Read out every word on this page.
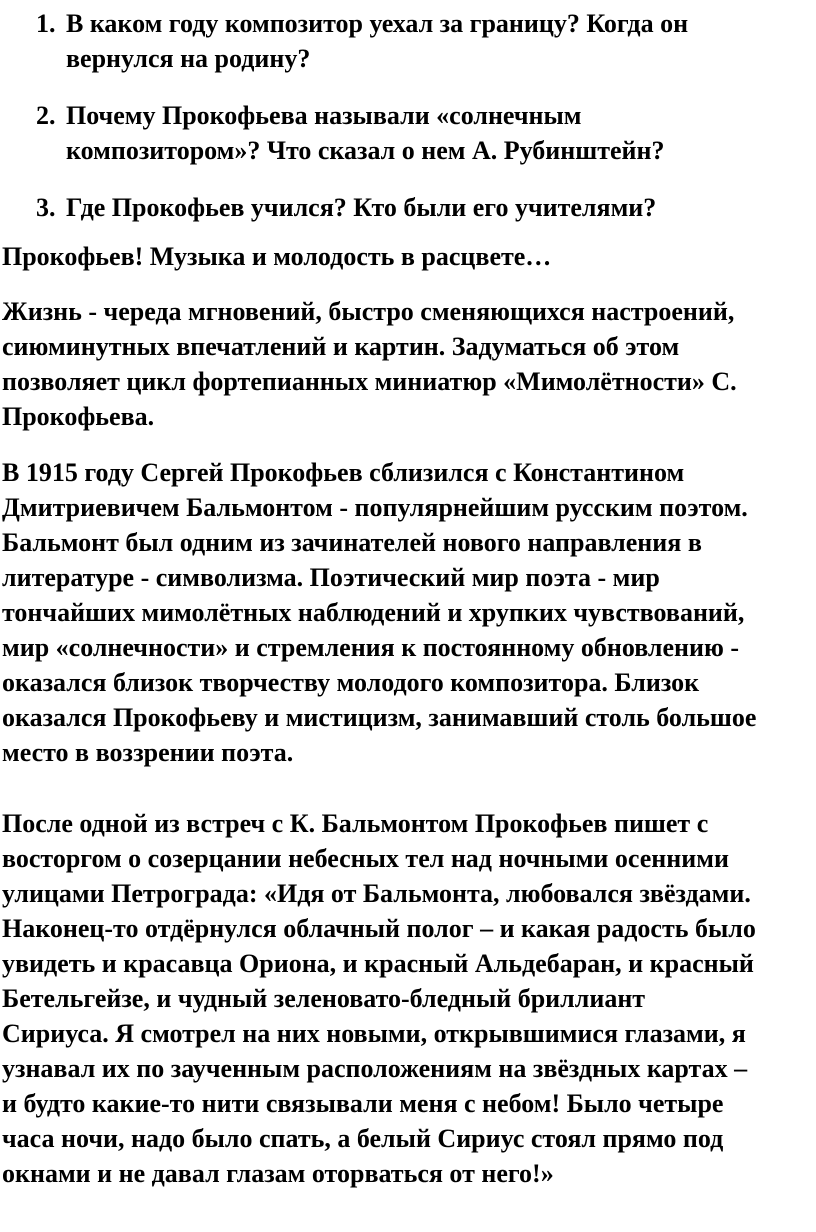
1. В каком году композитор уехал за границу? Когда он
вернулся на родину?
2. Почему Прокофьева называли «солнечным
композитором»? Что сказал о нем А. Рубинштейн?
3. Где Прокофьев учился? Кто были его учителями?

Прокофьев! Музыка и молодость в расцвете…

Жизнь - череда мгновений, быстро сменяющихся настроений,
сиюминутных впечатлений и картин. Задуматься об этом
позволяет цикл фортепианных миниатюр «Мимолётности» С.
Прокофьева.

В 1915 году Сергей Прокофьев сблизился с Константином
Дмитриевичем Бальмонтом - популярнейшим русским поэтом.
Бальмонт был одним из зачинателей нового направления в
литературе - символизма. Поэтический мир поэта - мир
тончайших мимолётных наблюдений и хрупких чувствований,
мир «солнечности» и стремления к постоянному обновлению -
оказался близок творчеству молодого композитора. Близок
оказался Прокофьеву и мистицизм, занимавший столь большое
место в воззрении поэта.

После одной из встреч с К. Бальмонтом Прокофьев пишет с
восторгом о созерцании небесных тел над ночными осенними
улицами Петрограда: «Идя от Бальмонта, любовался звёздами.
Наконец-то отдёрнулся облачный полог – и какая радость было
увидеть и красавца Ориона, и красный Альдебаран, и красный
Бетельгейзе, и чудный зеленовато-бледный бриллиант
Сириуса. Я смотрел на них новыми, открывшимися глазами, я
узнавал их по заученным расположениям на звёздных картах –
и будто какие-то нити связывали меня с небом! Было четыре
часа ночи, надо было спать, а белый Сириус стоял прямо под
окнами и не давал глазам оторваться от него!»
